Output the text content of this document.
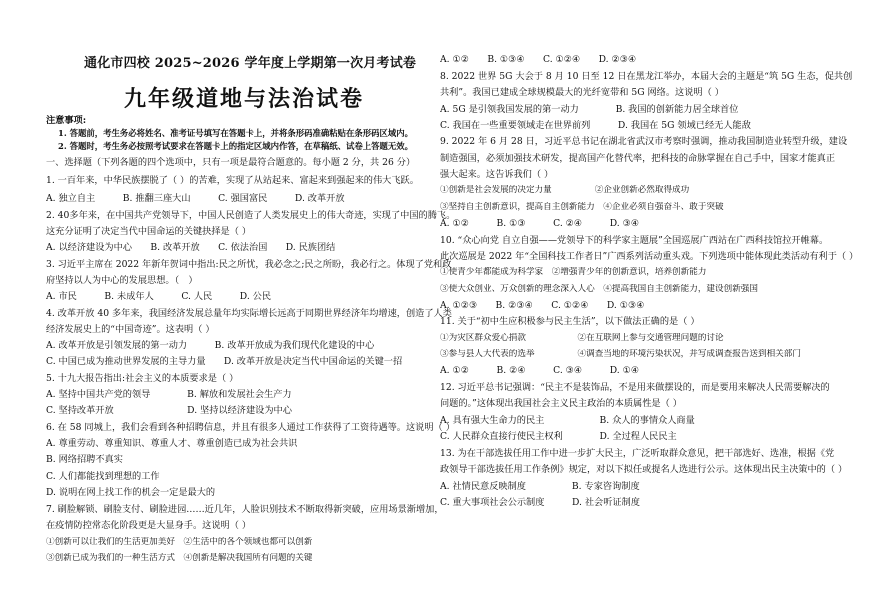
通化市四校 2025~2026 学年度上学期第一次月考试卷
九年级道地与法治试卷
注意事项:
1. 答题前，考生务必将姓名、准考证号填写在答题卡上，并将条形码准确粘贴在条形码区域内。
2. 答题时，考生务必按照考试要求在答题卡上的指定区域内作答，在草稿纸、试卷上答题无效。
一、选择题（下列各题的四个选项中，只有一项是最符合题意的。每小题 2 分，共 26 分）
1. 一百年来，中华民族摆脱了（ ）的苦难，实现了从站起来、富起来到强起来的伟大飞跃。
A. 独立自主　　　B. 推翻三座大山　　　C. 强国富民　　　D. 改革开放
2. 40多年来，在中国共产党领导下，中国人民创造了人类发展史上的伟大奇迹，实现了中国的腾飞。
这充分证明了决定当代中国命运的关键抉择是（ ）
A. 以经济建设为中心　　B. 改革开放　　C. 依法治国　　D. 民族团结
3. 习近平主席在 2022 年新年贺词中指出:民之所忧，我必念之;民之所盼，我必行之。体现了党和政
府坚持以人为中心的发展思想。（　）
A. 市民　　　B. 未成年人　　　C. 人民　　　D. 公民
4. 改革开放 40 多年来，我国经济发展总量年均实际增长远高于同期世界经济年均增速，创造了人类
经济发展史上的“中国奇迹”。这表明（ ）
A. 改革开放是引领发展的第一动力　　　B. 改革开放成为我们现代化建设的中心
C. 中国已成为推动世界发展的主导力量　　D. 改革开放是决定当代中国命运的关键一招
5. 十九大报告指出:社会主义的本质要求是（ ）
A. 坚持中国共产党的领导　　　　B. 解放和发展社会生产力
C. 坚持改革开放　　　　　　　　D. 坚持以经济建设为中心
6. 在 58 同城上，我们会看到各种招聘信息，并且有很多人通过工作获得了工资待遇等。这说明（ ）
A. 尊重劳动、尊重知识、尊重人才、尊重创造已成为社会共识
B. 网络招聘不真实
C. 人们都能找到理想的工作
D. 说明在网上找工作的机会一定是最大的
7. 刷脸解锁、刷脸支付、刷脸进园……近几年，人脸识别技术不断取得新突破，应用场景渐增加，
在疫情防控常态化阶段更是大显身手。这说明（ ）
①创新可以让我们的生活更加美好　②生活中的各个领域也都可以创新
③创新已成为我们的一种生活方式　④创新是解决我国所有问题的关键
A. ①②　　B. ①③④　　C. ①②④　　D. ②③④
8. 2022 世界 5G 大会于 8 月 10 日至 12 日在黑龙江举办，本届大会的主题是“筑 5G 生态，促共创
共利”。我国已建成全球规模最大的光纤宽带和 5G 网络。这说明（ ）
A. 5G 是引领我国发展的第一动力　　　　B. 我国的创新能力居全球首位
C. 我国在一些重要领域走在世界前列　　　D. 我国在 5G 领域已经无人能敌
9. 2022 年 6 月 28 日，习近平总书记在湖北省武汉市考察时强调，推动我国制造业转型升级，建设
制造强国，必须加强技术研发，提高国产化替代率，把科技的命脉掌握在自己手中，国家才能真正
强大起来。这告诉我们（ ）
①创新是社会发展的决定力量　　　　　②企业创新必然取得成功
③坚持自主创新意识，提高自主创新能力　④企业必须自强奋斗、敢于突破
A. ①②　　　B. ①③　　　C. ②④　　　D. ③④
10. “众心向党 自立自强——党领导下的科学家主题展”全国巡展广西站在广西科技馆拉开帷幕。
此次巡展是 2022 年“全国科技工作者日”广西系列活动重头戏。下列选项中能体现此类活动有利于（ ）
①使青少年都能成为科学家　②增强青少年的创新意识，培养创新能力
③使大众创业、万众创新的理念深入人心　④提高我国自主创新能力，建设创新强国
A. ①②③　　B. ②③④　　C. ①②④　　D. ①③④
11. 关于“初中生应积极参与民主生活”，以下做法正确的是（ ）
①为灾区群众爱心捐款　　　　　　②在互联网上参与交通管理问题的讨论
③参与县人大代表的选举　　　　　④调查当地的环境污染状况，并写成调查报告送到相关部门
A. ①②　　　B. ②④　　　C. ③④　　　D. ①④
12. 习近平总书记强调：“民主不是装饰品，不是用来做摆设的，而是要用来解决人民需要解决的
问题的。”这体现出我国社会主义民主政治的本质属性是（ ）
A. 具有强大生命力的民主　　　　　　B. 众人的事情众人商量
C. 人民群众直接行使民主权利　　　　D. 全过程人民民主
13. 为在干部选拔任用工作中进一步扩大民主，广泛听取群众意见，把干部选好、选准，根据《党
政领导干部选拔任用工作条例》规定，对以下拟任或提名人选进行公示。这体现出民主决策中的（ ）
A. 社情民意反映制度　　　　　B. 专家咨询制度
C. 重大事项社会公示制度　　　D. 社会听证制度
